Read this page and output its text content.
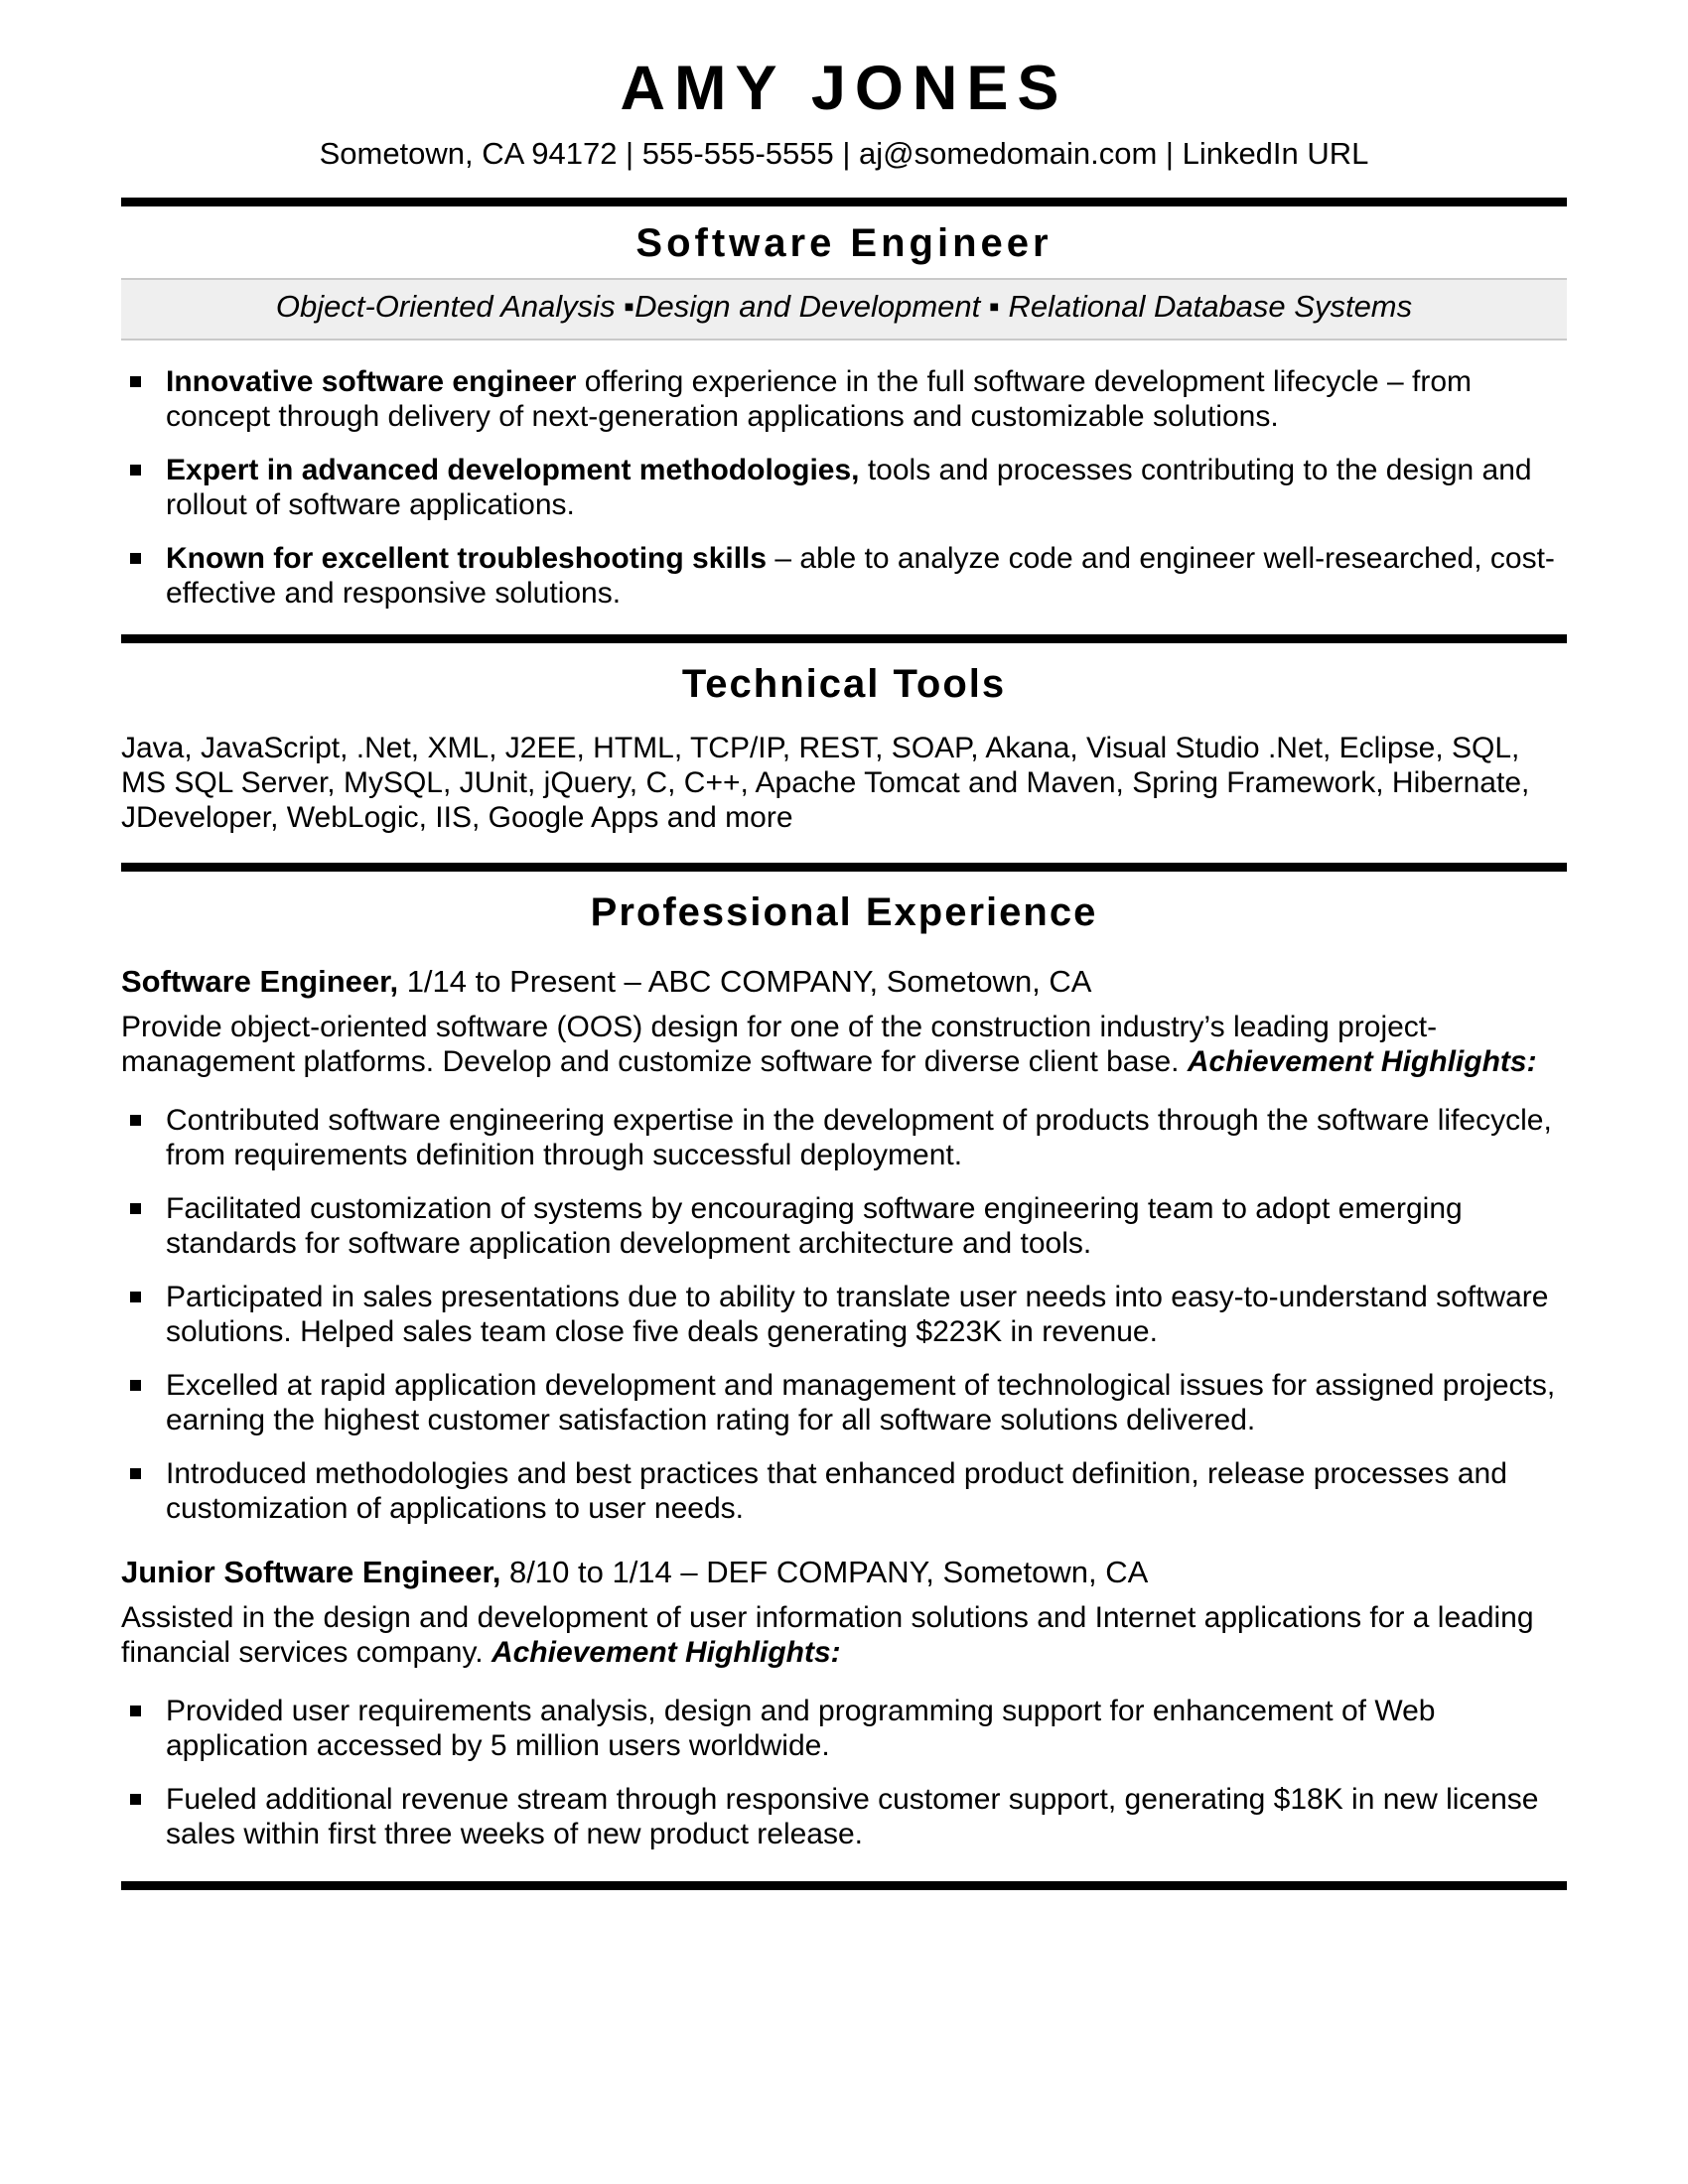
AMY JONES
Sometown, CA 94172 | 555-555-5555 | aj@somedomain.com | LinkedIn URL
Software Engineer
Object-Oriented Analysis ▪Design and Development ▪ Relational Database Systems
Innovative software engineer offering experience in the full software development lifecycle – from concept through delivery of next-generation applications and customizable solutions.
Expert in advanced development methodologies, tools and processes contributing to the design and rollout of software applications.
Known for excellent troubleshooting skills – able to analyze code and engineer well-researched, cost-effective and responsive solutions.
Technical Tools

Java, JavaScript, .Net, XML, J2EE, HTML, TCP/IP, REST, SOAP, Akana, Visual Studio .Net, Eclipse, SQL, MS SQL Server, MySQL, JUnit, jQuery, C, C++, Apache Tomcat and Maven, Spring Framework, Hibernate, JDeveloper, WebLogic, IIS, Google Apps and more

Professional Experience

Software Engineer, 1/14 to Present – ABC COMPANY, Sometown, CA

Provide object-oriented software (OOS) design for one of the construction industry’s leading project- management platforms. Develop and customize software for diverse client base. Achievement Highlights:

Contributed software engineering expertise in the development of products through the software lifecycle, from requirements definition through successful deployment.
Facilitated customization of systems by encouraging software engineering team to adopt emerging standards for software application development architecture and tools.
Participated in sales presentations due to ability to translate user needs into easy-to-understand software solutions. Helped sales team close five deals generating $223K in revenue.
Excelled at rapid application development and management of technological issues for assigned projects, earning the highest customer satisfaction rating for all software solutions delivered.
Introduced methodologies and best practices that enhanced product definition, release processes and customization of applications to user needs.

Junior Software Engineer, 8/10 to 1/14 – DEF COMPANY, Sometown, CA

Assisted in the design and development of user information solutions and Internet applications for a leading financial services company. Achievement Highlights:

Provided user requirements analysis, design and programming support for enhancement of Web application accessed by 5 million users worldwide.
Fueled additional revenue stream through responsive customer support, generating $18K in new license sales within first three weeks of new product release.
